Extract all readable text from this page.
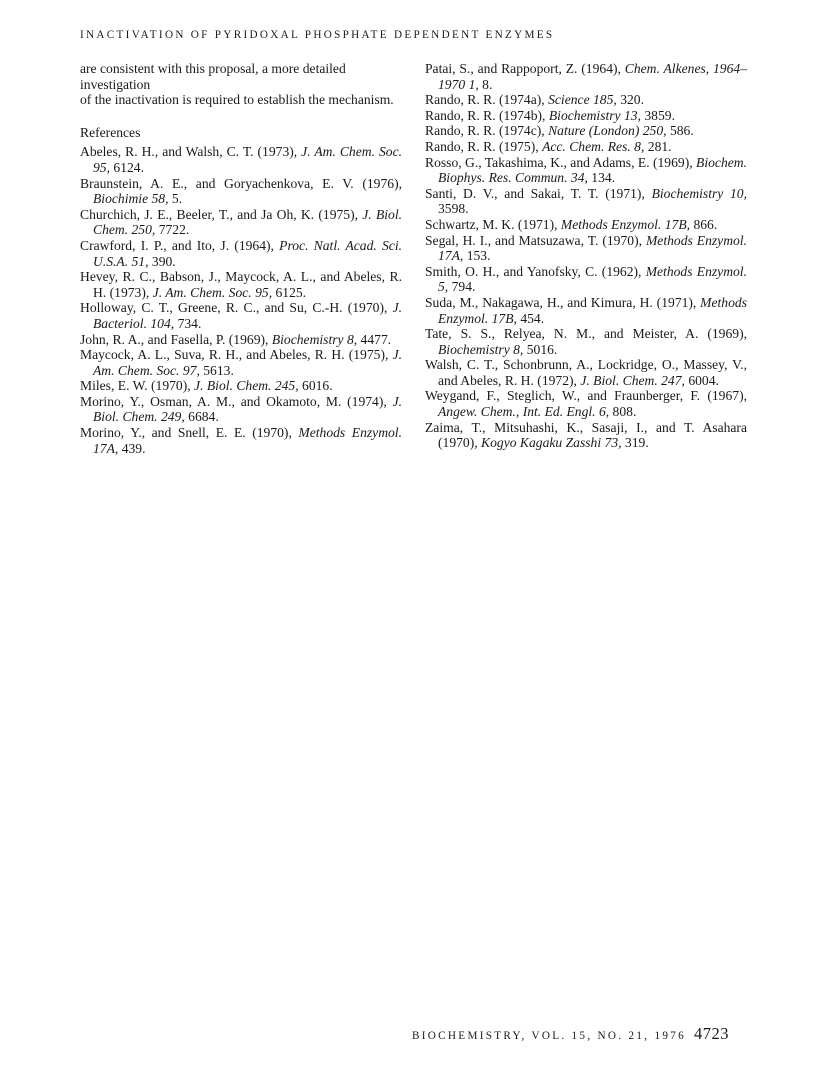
INACTIVATION OF PYRIDOXAL PHOSPHATE DEPENDENT ENZYMES

are consistent with this proposal, a more detailed investigation

of the inactivation is required to establish the mechanism.

References

Abeles, R. H., and Walsh, C. T. (1973), J. Am. Chem. Soc. 95, 6124.

Braunstein, A. E., and Goryachenkova, E. V. (1976), Biochimie 58, 5.

Churchich, J. E., Beeler, T., and Ja Oh, K. (1975), J. Biol. Chem. 250, 7722.

Crawford, I. P., and Ito, J. (1964), Proc. Natl. Acad. Sci. U.S.A. 51, 390.

Hevey, R. C., Babson, J., Maycock, A. L., and Abeles, R. H. (1973), J. Am. Chem. Soc. 95, 6125.

Holloway, C. T., Greene, R. C., and Su, C.-H. (1970), J. Bacteriol. 104, 734.

John, R. A., and Fasella, P. (1969), Biochemistry 8, 4477.

Maycock, A. L., Suva, R. H., and Abeles, R. H. (1975), J. Am. Chem. Soc. 97, 5613.

Miles, E. W. (1970), J. Biol. Chem. 245, 6016.

Morino, Y., Osman, A. M., and Okamoto, M. (1974), J. Biol. Chem. 249, 6684.

Morino, Y., and Snell, E. E. (1970), Methods Enzymol. 17A, 439.

Patai, S., and Rappoport, Z. (1964), Chem. Alkenes, 1964–1970 1, 8.

Rando, R. R. (1974a), Science 185, 320.

Rando, R. R. (1974b), Biochemistry 13, 3859.

Rando, R. R. (1974c), Nature (London) 250, 586.

Rando, R. R. (1975), Acc. Chem. Res. 8, 281.

Rosso, G., Takashima, K., and Adams, E. (1969), Biochem. Biophys. Res. Commun. 34, 134.

Santi, D. V., and Sakai, T. T. (1971), Biochemistry 10, 3598.

Schwartz, M. K. (1971), Methods Enzymol. 17B, 866.

Segal, H. I., and Matsuzawa, T. (1970), Methods Enzymol. 17A, 153.

Smith, O. H., and Yanofsky, C. (1962), Methods Enzymol. 5, 794.

Suda, M., Nakagawa, H., and Kimura, H. (1971), Methods Enzymol. 17B, 454.

Tate, S. S., Relyea, N. M., and Meister, A. (1969), Biochemistry 8, 5016.

Walsh, C. T., Schonbrunn, A., Lockridge, O., Massey, V., and Abeles, R. H. (1972), J. Biol. Chem. 247, 6004.

Weygand, F., Steglich, W., and Fraunberger, F. (1967), Angew. Chem., Int. Ed. Engl. 6, 808.

Zaima, T., Mitsuhashi, K., Sasaji, I., and T. Asahara (1970), Kogyo Kagaku Zasshi 73, 319.

BIOCHEMISTRY, VOL. 15, NO. 21, 1976 4723
